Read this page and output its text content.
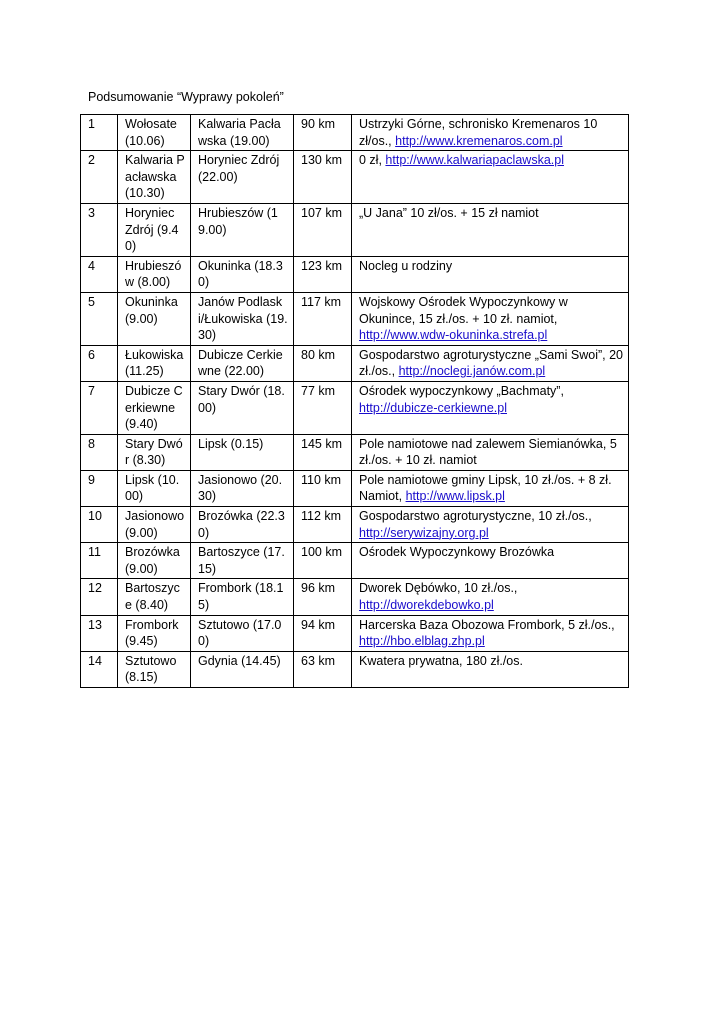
Podsumowanie “Wyprawy pokoleń”
1	Wołosate (10.06)	Kalwaria Pacławska (19.00)	90 km	Ustrzyki Górne, schronisko Kremenaros 10 zł/os., http://www.kremenaros.com.pl
2	Kalwaria Pacławska (10.30)	Horyniec Zdrój (22.00)	130 km	0 zł, http://www.kalwariapaclawska.pl
3	Horyniec Zdrój (9.40)	Hrubieszów (19.00)	107 km	„U Jana” 10 zł/os. + 15 zł namiot
4	Hrubieszów (8.00)	Okuninka (18.30)	123 km	Nocleg u rodziny
5	Okuninka (9.00)	Janów Podlaski/Łukowiska (19.30)	117 km	Wojskowy Ośrodek Wypoczynkowy w Okunince, 15 zł./os. + 10 zł. namiot, http://www.wdw-okuninka.strefa.pl
6	Łukowiska (11.25)	Dubicze Cerkiewne (22.00)	80 km	Gospodarstwo agroturystyczne „Sami Swoi”, 20 zł./os., http://noclegi.janów.com.pl
7	Dubicze Cerkiewne (9.40)	Stary Dwór (18.00)	77 km	Ośrodek wypoczynkowy „Bachmaty”, http://dubicze-cerkiewne.pl
8	Stary Dwór (8.30)	Lipsk (0.15)	145 km	Pole namiotowe nad zalewem Siemianówka, 5 zł./os. + 10 zł. namiot
9	Lipsk (10.00)	Jasionowo (20.30)	110 km	Pole namiotowe gminy Lipsk, 10 zł./os. + 8 zł. Namiot, http://www.lipsk.pl
10	Jasionowo (9.00)	Brozówka (22.30)	112 km	Gospodarstwo agroturystyczne, 10 zł./os., http://serywizajny.org.pl
11	Brozówka (9.00)	Bartoszyce (17.15)	100 km	Ośrodek Wypoczynkowy Brozówka
12	Bartoszyce (8.40)	Frombork (18.15)	96 km	Dworek Dębówko, 10 zł./os., http://dworekdebowko.pl
13	Frombork (9.45)	Sztutowo (17.00)	94 km	Harcerska Baza Obozowa Frombork, 5 zł./os., http://hbo.elblag.zhp.pl
14	Sztutowo (8.15)	Gdynia (14.45)	63 km	Kwatera prywatna, 180 zł./os.
